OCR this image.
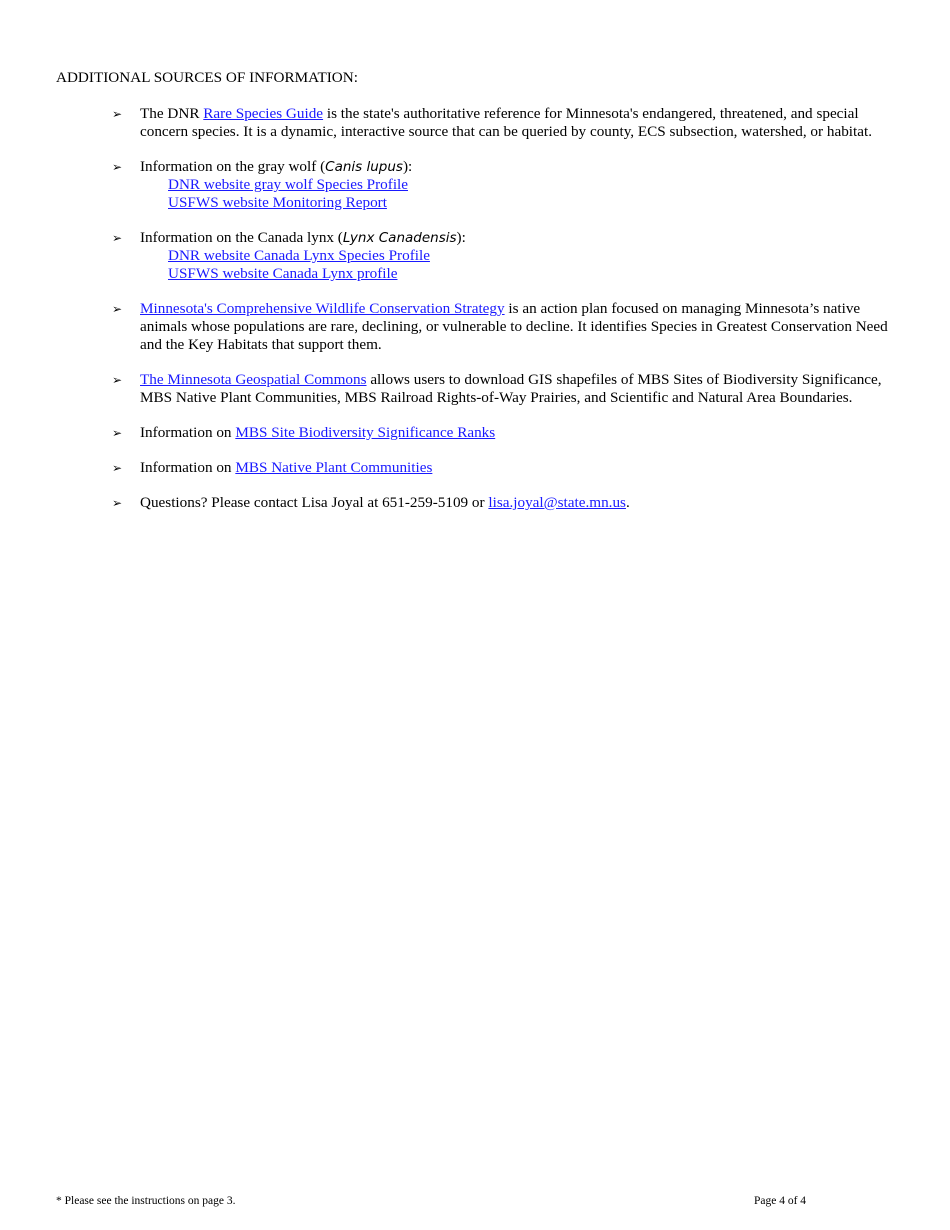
ADDITIONAL SOURCES OF INFORMATION:
➢ The DNR Rare Species Guide is the state's authoritative reference for Minnesota's endangered, threatened, and special concern species. It is a dynamic, interactive source that can be queried by county, ECS subsection, watershed, or habitat.
➢ Information on the gray wolf (Canis lupus):
DNR website gray wolf Species Profile
USFWS website Monitoring Report
➢ Information on the Canada lynx (Lynx Canadensis):
DNR website Canada Lynx Species Profile
USFWS website Canada Lynx profile
➢ Minnesota's Comprehensive Wildlife Conservation Strategy is an action plan focused on managing Minnesota’s native animals whose populations are rare, declining, or vulnerable to decline. It identifies Species in Greatest Conservation Need and the Key Habitats that support them.
➢ The Minnesota Geospatial Commons allows users to download GIS shapefiles of MBS Sites of Biodiversity Significance, MBS Native Plant Communities, MBS Railroad Rights-of-Way Prairies, and Scientific and Natural Area Boundaries.
➢ Information on MBS Site Biodiversity Significance Ranks
➢ Information on MBS Native Plant Communities
➢ Questions? Please contact Lisa Joyal at 651-259-5109 or lisa.joyal@state.mn.us.
* Please see the instructions on page 3.	Page 4 of 4
